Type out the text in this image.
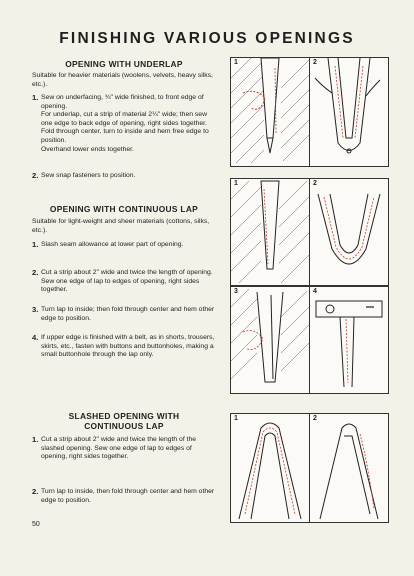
FINISHING VARIOUS OPENINGS
OPENING WITH UNDERLAP
Suitable for heavier materials (woolens, velvets, heavy silks, etc.).
1. Sew on underfacing, ¾" wide finished, to front edge of opening.
For underlap, cut a strip of material 2¼" wide; then sew one edge to back edge of opening, right sides together. Fold through center, turn to inside and hem free edge to position.
Overhand lower ends together.
2. Sew snap fasteners to position.
OPENING WITH CONTINUOUS LAP
Suitable for light-weight and sheer materials (cottons, silks, etc.).
1. Slash seam allowance at lower part of opening.
2. Cut a strip about 2" wide and twice the length of opening. Sew one edge of lap to edges of opening, right sides together.
3. Turn lap to inside; then fold through center and hem other edge to position.
4. If upper edge is finished with a belt, as in shorts, trousers, skirts, etc., fasten with buttons and buttonholes, making a small buttonhole through the lap only.
SLASHED OPENING WITH
CONTINUOUS LAP
1. Cut a strip about 2" wide and twice the length of the slashed opening. Sew one edge of lap to edges of opening, right sides together.
2. Turn lap to inside, then fold through center and hem other edge to position.
50
1	2
1	2
3	4
1	2
